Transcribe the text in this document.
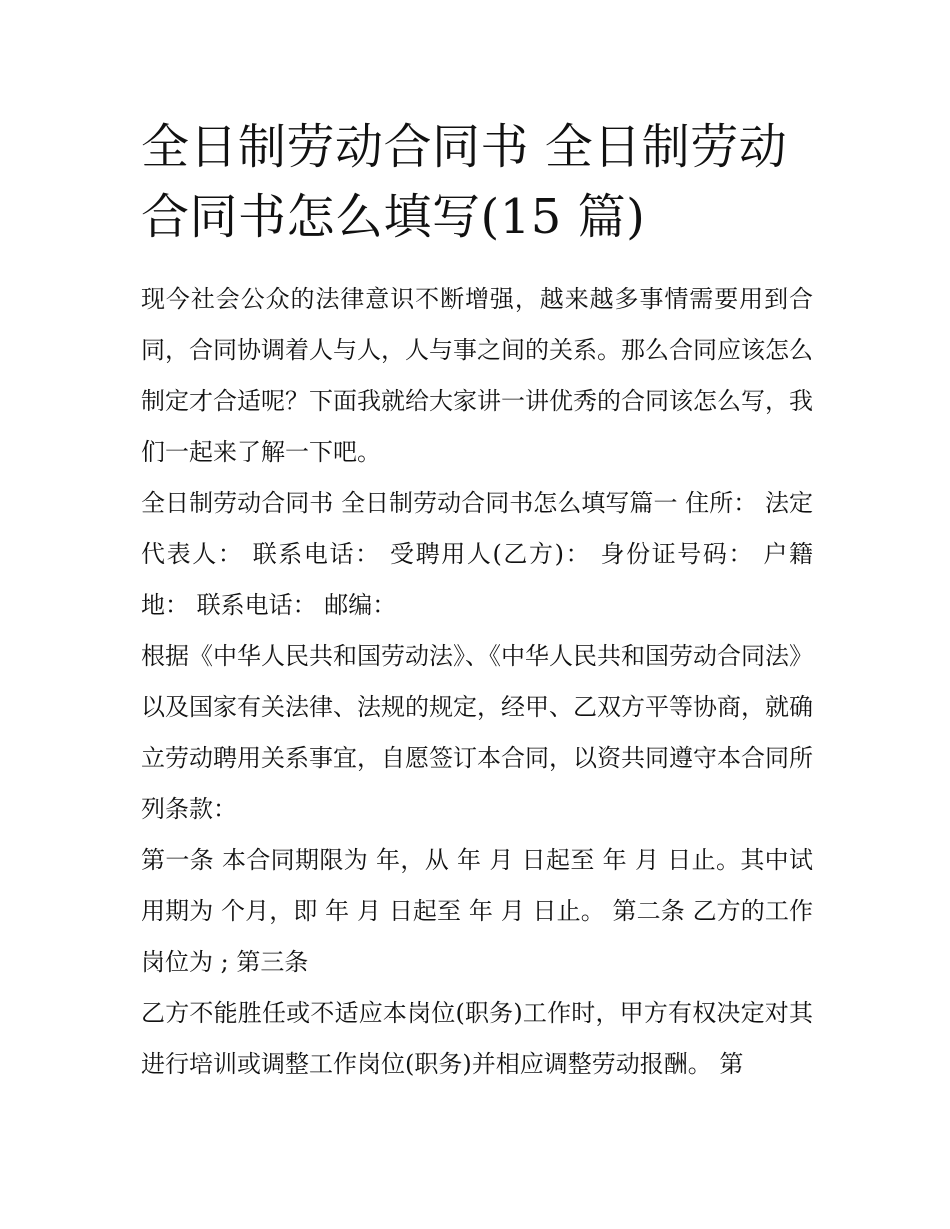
全日制劳动合同书 全日制劳动合同书怎么填写(15 篇)

现今社会公众的法律意识不断增强，越来越多事情需要用到合同，合同协调着人与人，人与事之间的关系。那么合同应该怎么制定才合适呢？下面我就给大家讲一讲优秀的合同该怎么写，我们一起来了解一下吧。

全日制劳动合同书 全日制劳动合同书怎么填写篇一 住所： 法定代表人： 联系电话： 受聘用人(乙方)： 身份证号码： 户籍地： 联系电话： 邮编：

根据《中华人民共和国劳动法》、《中华人民共和国劳动合同法》以及国家有关法律、法规的规定，经甲、乙双方平等协商，就确立劳动聘用关系事宜，自愿签订本合同，以资共同遵守本合同所列条款：

第一条 本合同期限为 年，从 年 月 日起至 年 月 日止。其中试用期为 个月，即 年 月 日起至 年 月 日止。 第二条 乙方的工作岗位为 ; 第三条

乙方不能胜任或不适应本岗位(职务)工作时，甲方有权决定对其进行培训或调整工作岗位(职务)并相应调整劳动报酬。 第
